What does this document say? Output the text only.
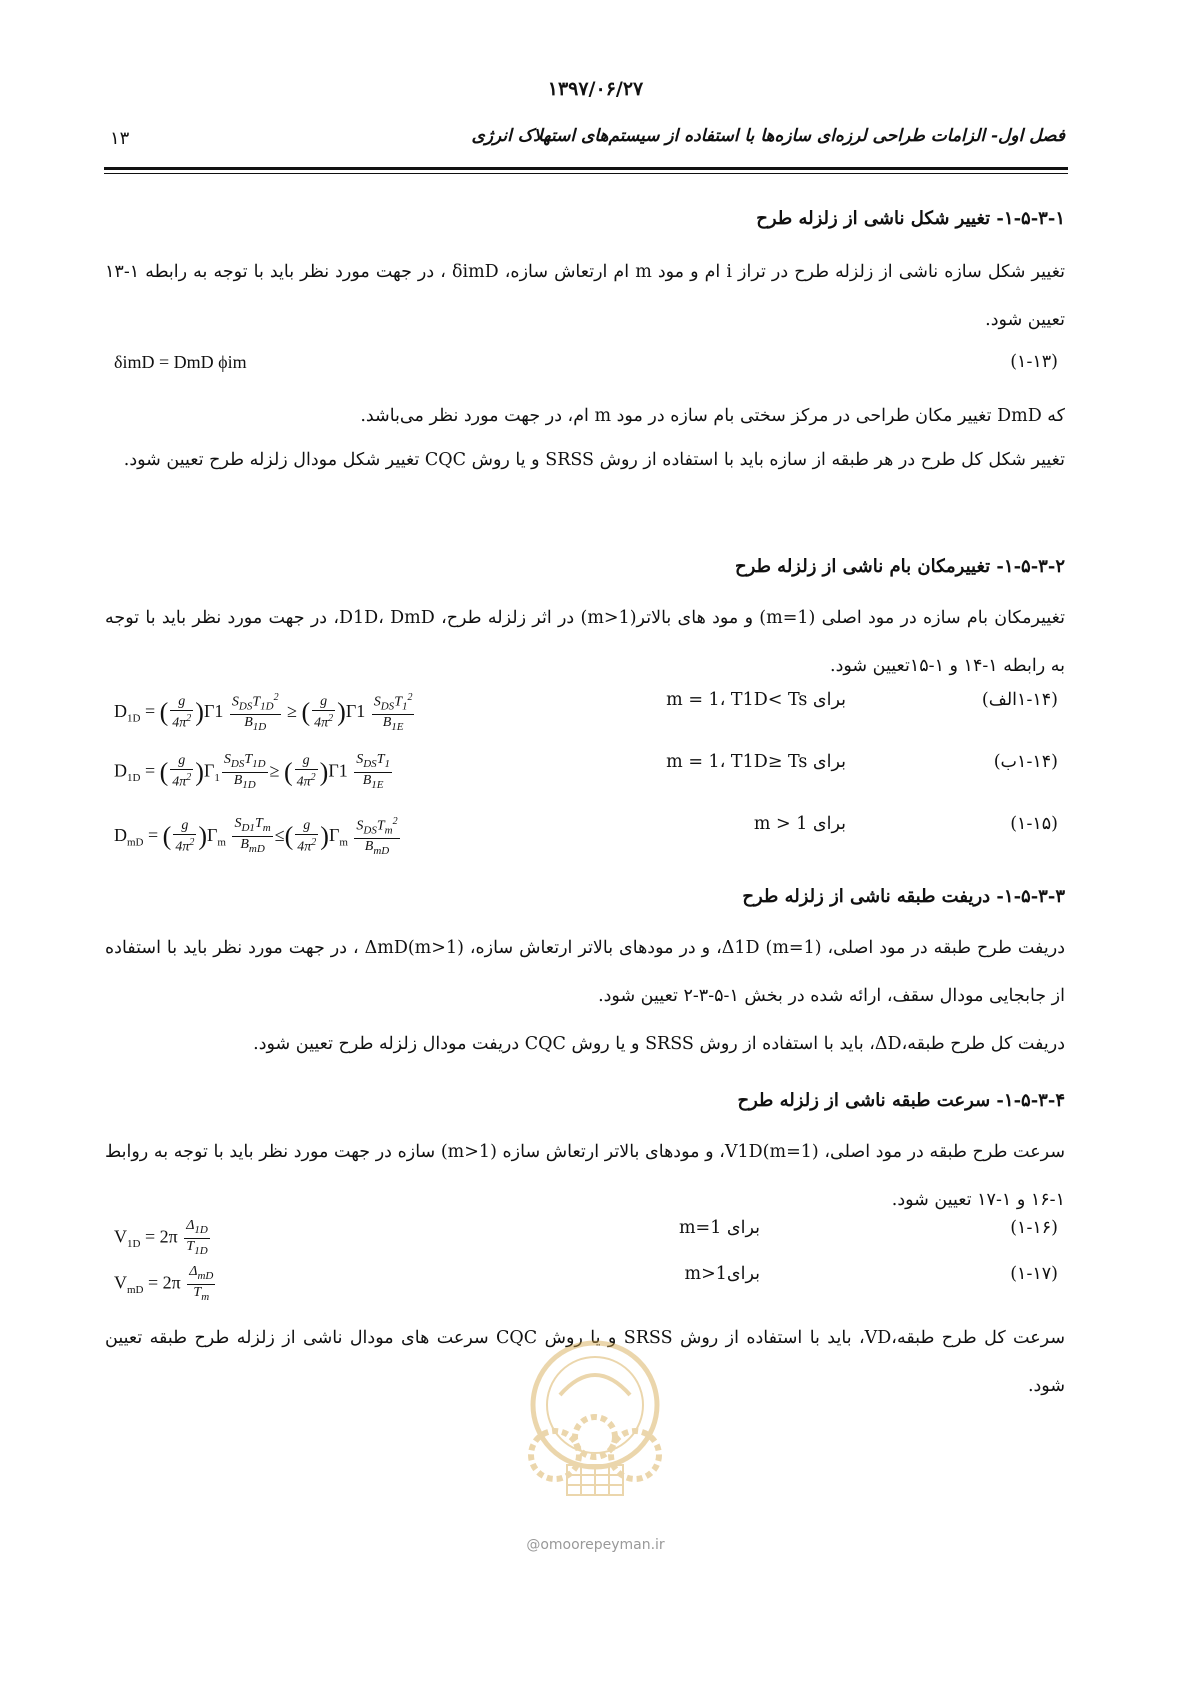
۱۳۹۷/۰۶/۲۷
۱۳	فصل اول- الزامات طراحی لرزه‌ای سازه‌ها با استفاده از سیستم‌های استهلاک انرژی
۱-۵-۳-۱- تغییر شکل ناشی از زلزله طرح
تغییر شکل سازه ناشی از زلزله طرح در تراز i ام و مود m ام ارتعاش سازه، δimD ، در جهت مورد نظر باید با توجه به رابطه ۱-۱۳ تعیین شود.
δimD = DmD ϕim	(۱-۱۳)
که DmD تغییر مکان طراحی در مرکز سختی بام سازه در مود m ام، در جهت مورد نظر می‌باشد.
تغییر شکل کل طرح در هر طبقه از سازه باید با استفاده از روش SRSS و یا روش CQC تغییر شکل مودال زلزله طرح تعیین شود.
۱-۵-۳-۲- تغییرمکان بام ناشی از زلزله طرح
تغییرمکان بام سازه در مود اصلی (m=1) و مود های بالاتر(m>1) در اثر زلزله طرح، D1D، DmD، در جهت مورد نظر باید با توجه به رابطه ۱-۱۴ و ۱-۱۵تعیین شود.
$D_{1D}$ = ( $\frac{g}{4\pi^2} )\Gamma 1 \frac{S_{DS}T_{1D}^2}{B_{1D}}$ ≥ ( $\frac{g}{4\pi^2} )\Gamma 1 \frac{S_{DS}T_1^2}{B_{1E}}$	برای m = 1، T1D< Ts	(۱-۱۴الف)
$D_{1D}$ = ( $\frac{g}{4\pi^2} )\Gamma_1 \frac{S_{DS}T_{1D}}{B_{1D}}$ ≥ ( $\frac{g}{4\pi^2} )\Gamma 1 \frac{S_{DS}T_1}{B_{1E}}$	برای m = 1، T1D≥ Ts	(۱-۱۴ب)
$D_{mD}$ = ( $\frac{g}{4\pi^2} )\Gamma_m \frac{S_{D1}T_m}{B_{mD}}$ ≤( $\frac{g}{4\pi^2} )\Gamma_m \frac{S_{DS}T_m^2}{B_{mD}}$	برای m > 1	(۱-۱۵)
۱-۵-۳-۳- دریفت طبقه ناشی از زلزله طرح
دریفت طرح طبقه در مود اصلی، Δ1D (m=1)، و در مودهای بالاتر ارتعاش سازه، ΔmD(m>1) ، در جهت مورد نظر باید با استفاده از جابجایی مودال سقف، ارائه شده در بخش ۱-۵-۳-۲ تعیین شود.
دریفت کل طرح طبقه،ΔD، باید با استفاده از روش SRSS و یا روش CQC دریفت مودال زلزله طرح تعیین شود.
۱-۵-۳-۴- سرعت طبقه ناشی از زلزله طرح
سرعت طرح طبقه در مود اصلی، V1D(m=1)، و مودهای بالاتر ارتعاش سازه (m>1) سازه در جهت مورد نظر باید با توجه به روابط ۱-۱۶ و ۱-۱۷ تعیین شود.
$V_{1D} = 2\pi \frac{\Delta_{1D}}{T_{1D}}$	برای m=1	(۱-۱۶)
$V_{mD} = 2\pi \frac{\Delta_{mD}}{T_m}$	برایm>1	(۱-۱۷)
سرعت کل طرح طبقه،VD، باید با استفاده از روش SRSS و یا روش CQC سرعت های مودال ناشی از زلزله طرح طبقه تعیین شود.
@omoorepeyman.ir
